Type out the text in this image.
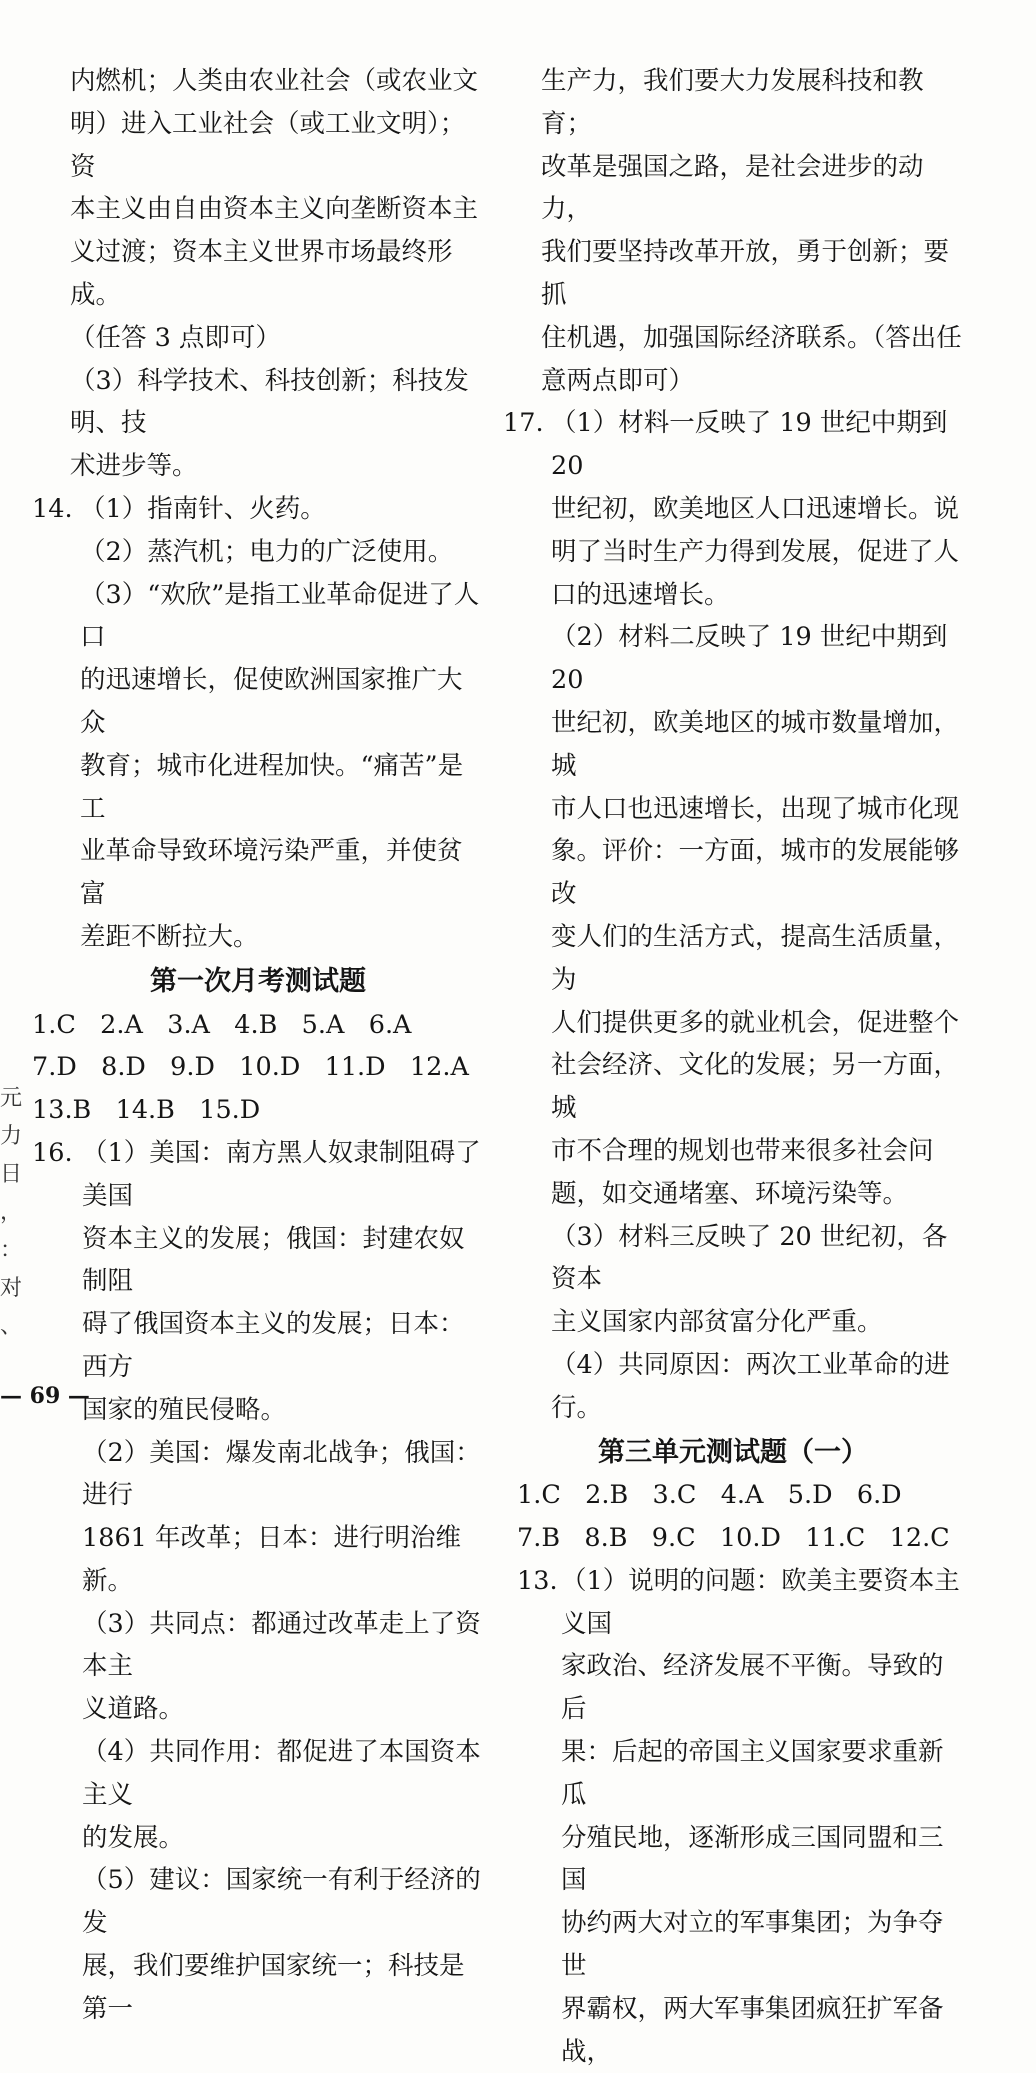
内燃机；人类由农业社会（或农业文
明）进入工业社会（或工业文明）；资
本主义由自由资本主义向垄断资本主
义过渡；资本主义世界市场最终形成。
（任答 3 点即可）
（3）科学技术、科技创新；科技发明、技
术进步等。
14. （1）指南针、火药。
（2）蒸汽机；电力的广泛使用。
（3）“欢欣”是指工业革命促进了人口
的迅速增长，促使欧洲国家推广大众
教育；城市化进程加快。“痛苦”是工
业革命导致环境污染严重，并使贫富
差距不断拉大。
第一次月考测试题
1.C   2.A   3.A   4.B   5.A   6.A
7.D   8.D   9.D   10.D   11.D   12.A
13.B   14.B   15.D
16. （1）美国：南方黑人奴隶制阻碍了美国
资本主义的发展；俄国：封建农奴制阻
碍了俄国资本主义的发展；日本：西方
国家的殖民侵略。
（2）美国：爆发南北战争；俄国：进行
1861 年改革；日本：进行明治维新。
（3）共同点：都通过改革走上了资本主
义道路。
（4）共同作用：都促进了本国资本主义
的发展。
（5）建议：国家统一有利于经济的发
展，我们要维护国家统一；科技是第一
生产力，我们要大力发展科技和教育；
改革是强国之路，是社会进步的动力，
我们要坚持改革开放，勇于创新；要抓
住机遇，加强国际经济联系。（答出任
意两点即可）
17. （1）材料一反映了 19 世纪中期到 20
世纪初，欧美地区人口迅速增长。说
明了当时生产力得到发展，促进了人
口的迅速增长。
（2）材料二反映了 19 世纪中期到 20
世纪初，欧美地区的城市数量增加，城
市人口也迅速增长，出现了城市化现
象。评价：一方面，城市的发展能够改
变人们的生活方式，提高生活质量，为
人们提供更多的就业机会，促进整个
社会经济、文化的发展；另一方面，城
市不合理的规划也带来很多社会问
题，如交通堵塞、环境污染等。
（3）材料三反映了 20 世纪初，各资本
主义国家内部贫富分化严重。
（4）共同原因：两次工业革命的进行。
第三单元测试题（一）
1.C   2.B   3.C   4.A   5.D   6.D
7.B   8.B   9.C   10.D   11.C   12.C
13. （1）说明的问题：欧美主要资本主义国
家政治、经济发展不平衡。导致的后
果：后起的帝国主义国家要求重新瓜
分殖民地，逐渐形成三国同盟和三国
协约两大对立的军事集团；为争夺世
界霸权，两大军事集团疯狂扩军备战，
元
力
日
，
：
对
、
— 69 —
